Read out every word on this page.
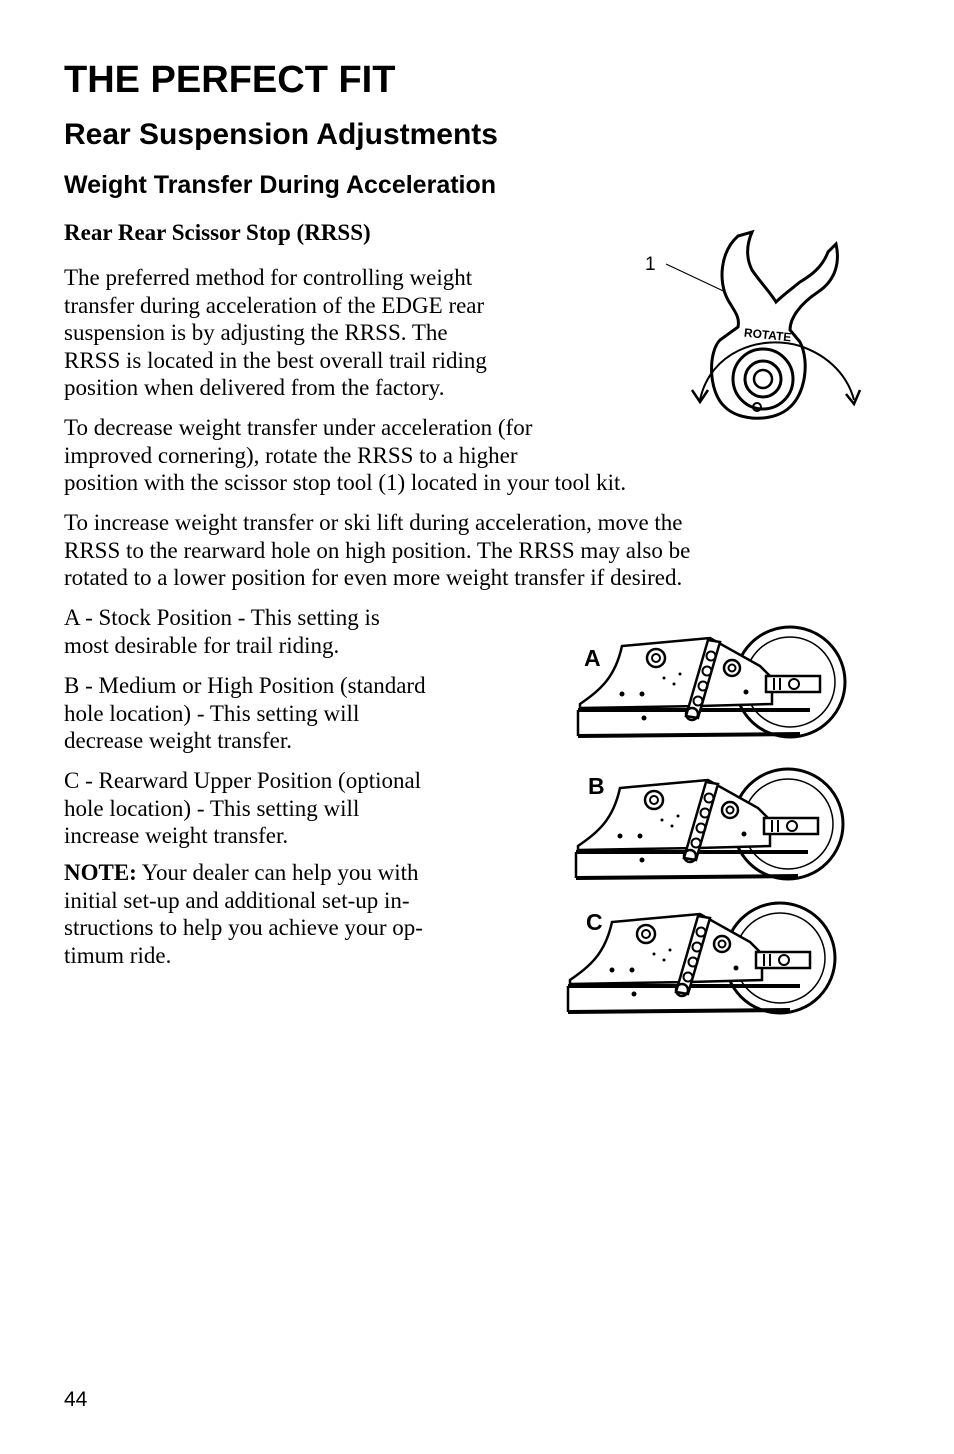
THE PERFECT FIT
Rear Suspension Adjustments
Weight Transfer During Acceleration
Rear Rear Scissor Stop (RRSS)
The preferred method for controlling weight
transfer during acceleration of the EDGE rear
suspension is by adjusting the RRSS. The
RRSS is located in the best overall trail riding
position when delivered from the factory.
To decrease weight transfer under acceleration (for
improved cornering), rotate the RRSS to a higher
position with the scissor stop tool (1) located in your tool kit.
To increase weight transfer or ski lift during acceleration, move the
RRSS to the rearward hole on high position. The RRSS may also be
rotated to a lower position for even more weight transfer if desired.
A - Stock Position - This setting is
most desirable for trail riding.
B - Medium or High Position (standard
hole location) - This setting will
decrease weight transfer.
C - Rearward Upper Position (optional
hole location) - This setting will
increase weight transfer.
NOTE: Your dealer can help you with
initial set-up and additional set-up in-
structions to help you achieve your op-
timum ride.
1
ROTATE
A
B
C
44
